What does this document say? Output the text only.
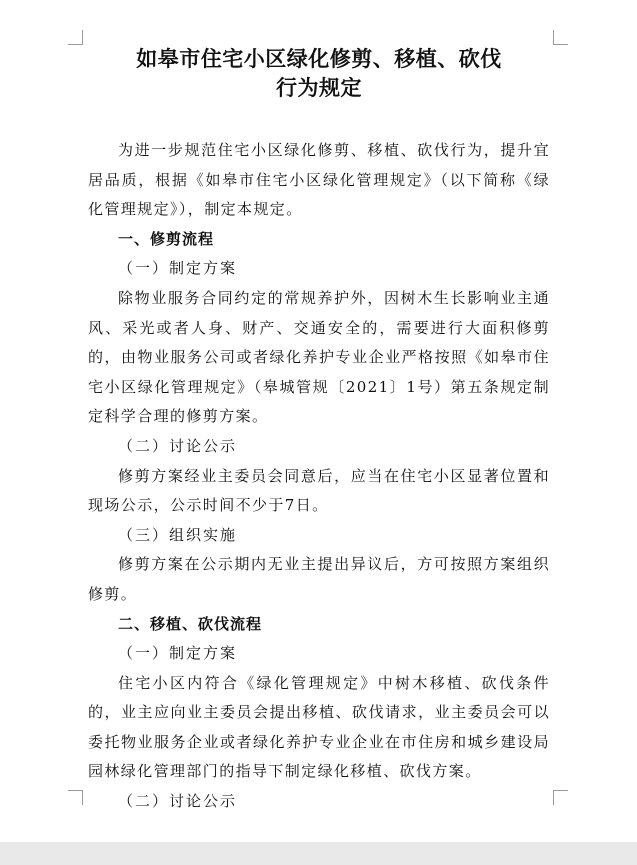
如皋市住宅小区绿化修剪、移植、砍伐

行为规定

为进一步规范住宅小区绿化修剪、移植、砍伐行为，提升宜居品质，根据《如皋市住宅小区绿化管理规定》（以下简称《绿化管理规定》），制定本规定。

一、修剪流程

（一）制定方案

除物业服务合同约定的常规养护外，因树木生长影响业主通风、采光或者人身、财产、交通安全的，需要进行大面积修剪的，由物业服务公司或者绿化养护专业企业严格按照《如皋市住宅小区绿化管理规定》（皋城管规〔2021〕1号）第五条规定制定科学合理的修剪方案。

（二）讨论公示

修剪方案经业主委员会同意后，应当在住宅小区显著位置和现场公示，公示时间不少于7日。

（三）组织实施

修剪方案在公示期内无业主提出异议后，方可按照方案组织修剪。

二、移植、砍伐流程

（一）制定方案

住宅小区内符合《绿化管理规定》中树木移植、砍伐条件的，业主应向业主委员会提出移植、砍伐请求，业主委员会可以委托物业服务企业或者绿化养护专业企业在市住房和城乡建设局园林绿化管理部门的指导下制定绿化移植、砍伐方案。

（二）讨论公示
